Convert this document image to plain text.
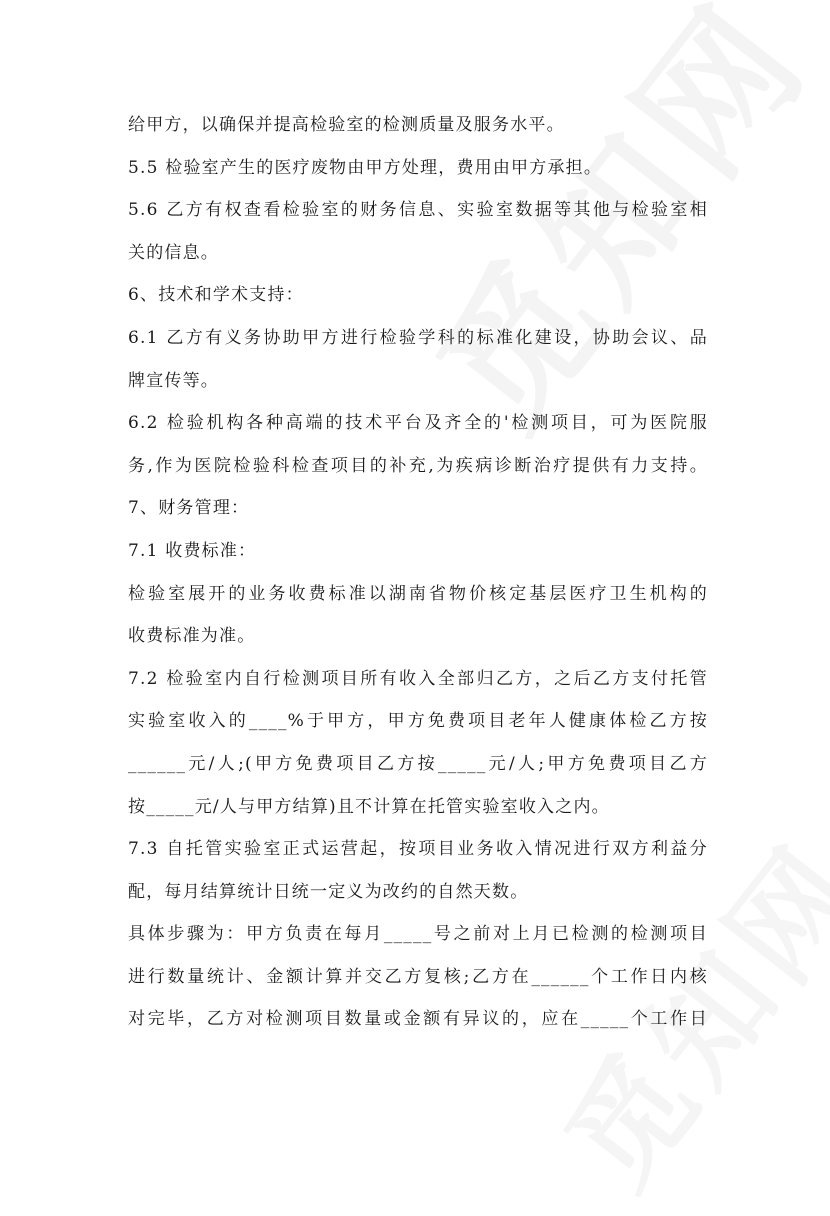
给甲方，以确保并提高检验室的检测质量及服务水平。
5.5 检验室产生的医疗废物由甲方处理，费用由甲方承担。
5.6 乙方有权查看检验室的财务信息、实验室数据等其他与检验室相
关的信息。
6、技术和学术支持：
6.1 乙方有义务协助甲方进行检验学科的标准化建设，协助会议、品
牌宣传等。
6.2 检验机构各种高端的技术平台及齐全的'检测项目，可为医院服
务,作为医院检验科检查项目的补充,为疾病诊断治疗提供有力支持。
7、财务管理：
7.1 收费标准：
检验室展开的业务收费标准以湖南省物价核定基层医疗卫生机构的
收费标准为准。
7.2 检验室内自行检测项目所有收入全部归乙方，之后乙方支付托管
实验室收入的____%于甲方，甲方免费项目老年人健康体检乙方按
______元/人;(甲方免费项目乙方按_____元/人;甲方免费项目乙方
按_____元/人与甲方结算)且不计算在托管实验室收入之内。
7.3 自托管实验室正式运营起，按项目业务收入情况进行双方利益分
配，每月结算统计日统一定义为改约的自然天数。
具体步骤为：甲方负责在每月_____号之前对上月已检测的检测项目
进行数量统计、金额计算并交乙方复核;乙方在______个工作日内核
对完毕，乙方对检测项目数量或金额有异议的，应在_____个工作日
